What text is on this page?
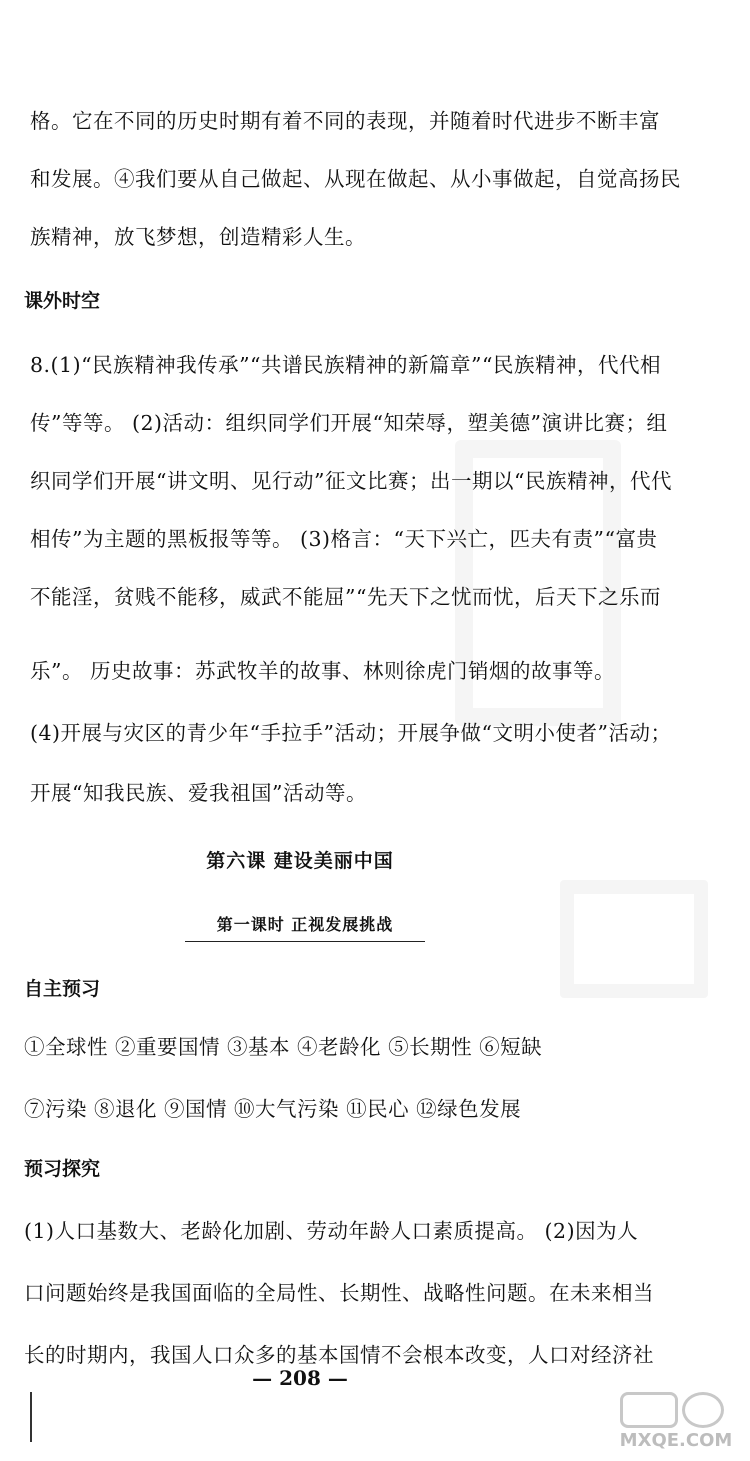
格。它在不同的历史时期有着不同的表现，并随着时代进步不断丰富
和发展。④我们要从自己做起、从现在做起、从小事做起，自觉高扬民
族精神，放飞梦想，创造精彩人生。
课外时空
8.(1)“民族精神我传承”“共谱民族精神的新篇章”“民族精神，代代相
传”等等。 (2)活动：组织同学们开展“知荣辱，塑美德”演讲比赛；组
织同学们开展“讲文明、见行动”征文比赛；出一期以“民族精神，代代
相传”为主题的黑板报等等。 (3)格言：“天下兴亡，匹夫有责”“富贵
不能淫，贫贱不能移，威武不能屈”“先天下之忧而忧，后天下之乐而
乐”。 历史故事：苏武牧羊的故事、林则徐虎门销烟的故事等。
(4)开展与灾区的青少年“手拉手”活动；开展争做“文明小使者”活动；
开展“知我民族、爱我祖国”活动等。
第六课 建设美丽中国
第一课时 正视发展挑战
自主预习
①全球性 ②重要国情 ③基本 ④老龄化 ⑤长期性 ⑥短缺
⑦污染 ⑧退化 ⑨国情 ⑩大气污染 ⑪民心 ⑫绿色发展
预习探究
(1)人口基数大、老龄化加剧、劳动年龄人口素质提高。 (2)因为人
口问题始终是我国面临的全局性、长期性、战略性问题。在未来相当
长的时期内，我国人口众多的基本国情不会根本改变，人口对经济社
— 208 —
MXQE.COM
